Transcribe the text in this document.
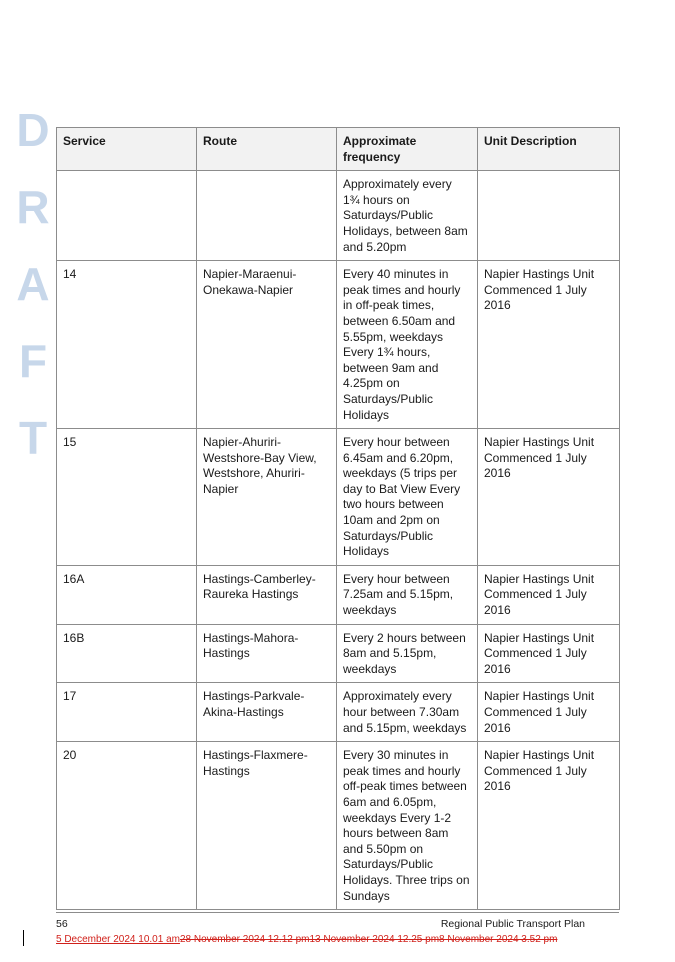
D
R
A
F
T
Service	Route	Approximate frequency	Unit Description
		Approximately every 1¾ hours on Saturdays/Public Holidays, between 8am and 5.20pm	
14	Napier-Maraenui-Onekawa-Napier	Every 40 minutes in peak times and hourly in off-peak times, between 6.50am and 5.55pm, weekdays Every 1¾ hours, between 9am and 4.25pm on Saturdays/Public Holidays	Napier Hastings Unit Commenced 1 July 2016
15	Napier-Ahuriri-Westshore-Bay View, Westshore, Ahuriri-Napier	Every hour between 6.45am and 6.20pm, weekdays (5 trips per day to Bat View Every two hours between 10am and 2pm on Saturdays/Public Holidays	Napier Hastings Unit Commenced 1 July 2016
16A	Hastings-Camberley-Raureka Hastings	Every hour between 7.25am and 5.15pm, weekdays	Napier Hastings Unit Commenced 1 July 2016
16B	Hastings-Mahora-Hastings	Every 2 hours between 8am and 5.15pm, weekdays	Napier Hastings Unit Commenced 1 July 2016
17	Hastings-Parkvale-Akina-Hastings	Approximately every hour between 7.30am and 5.15pm, weekdays	Napier Hastings Unit Commenced 1 July 2016
20	Hastings-Flaxmere-Hastings	Every 30 minutes in peak times and hourly off-peak times between 6am and 6.05pm, weekdays Every 1-2 hours between 8am and 5.50pm on Saturdays/Public Holidays. Three trips on Sundays	Napier Hastings Unit Commenced 1 July 2016
56	Regional Public Transport Plan
5 December 2024 10.01 am28 November 2024 12.12 pm13 November 2024 12.25 pm8 November 2024 3.52 pm
